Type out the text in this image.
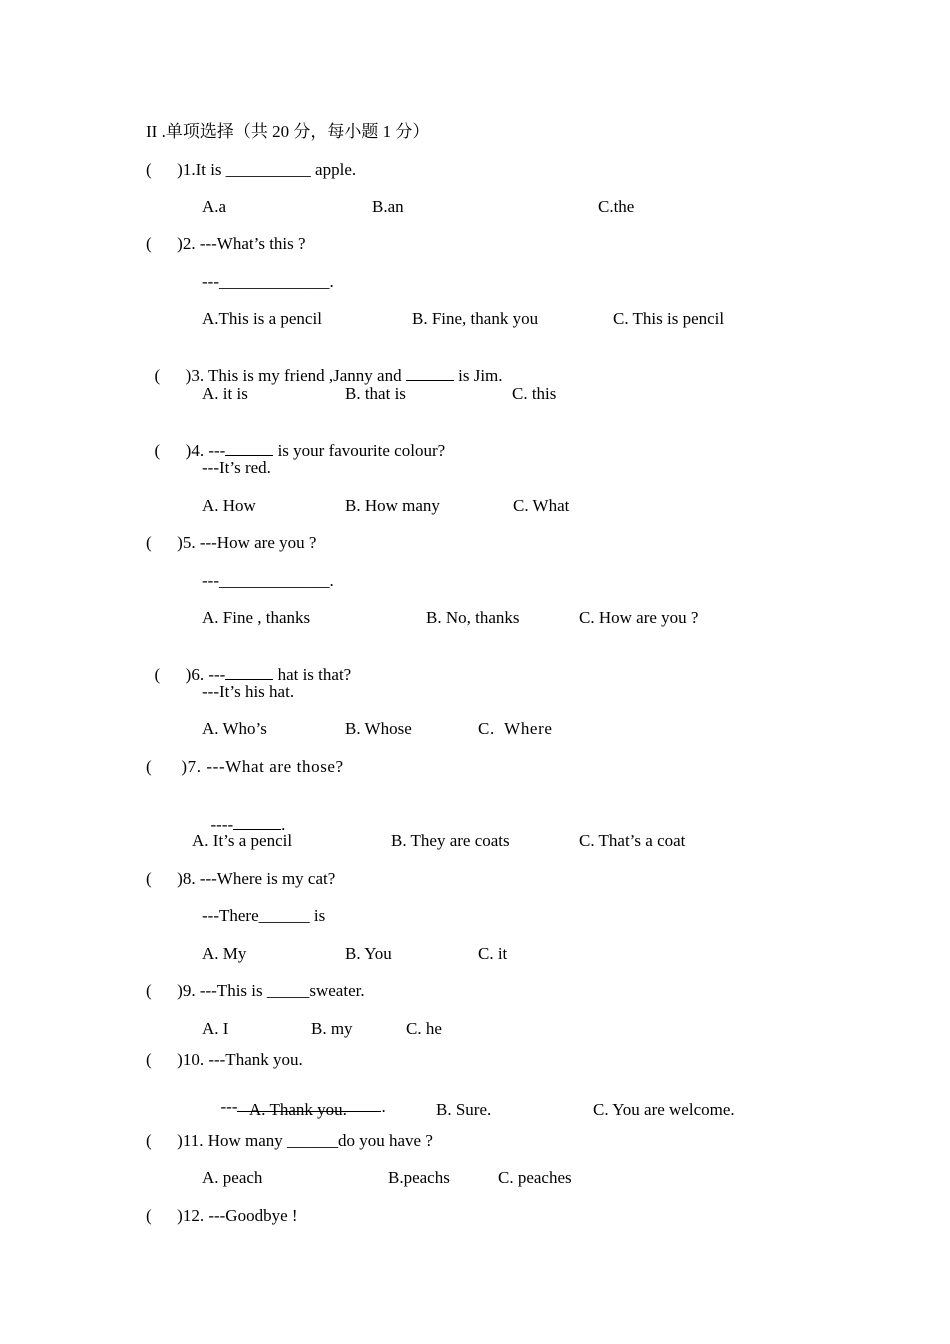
II .单项选择（共 20 分，每小题 1 分）
(      )1.It is __________ apple.
A.a	B.an	C.the
(      )2. ---What’s this ?
---_____________.
A.This is a pencil	B. Fine, thank you	C. This is pencil

(      )3. This is my friend ,Janny and	is Jim.

A. it is	B. that is	C. this

(      )4. ---	is your favourite colour?

---It’s red.
A. How	B. How many	C. What
(      )5. ---How are you ?
---_____________.
A. Fine , thanks	B. No, thanks	C. How are you ?

(      )6. ---	hat is that?

---It’s his hat.
A. Who’s	B. Whose	C.  Where
(      )7. ---What are those?

----	.

A. It’s a pencil	B. They are coats	C. That’s a coat
(      )8. ---Where is my cat?
---There______ is
A. My	B. You	C. it
(      )9. ---This is _____sweater.
A. I	B. my	C. he
(      )10. ---Thank you.

---	.

A. Thank you.	B. Sure.	C. You are welcome.
(      )11. How many ______do you have ?
A. peach	B.peachs	C. peaches
(      )12. ---Goodbye !
